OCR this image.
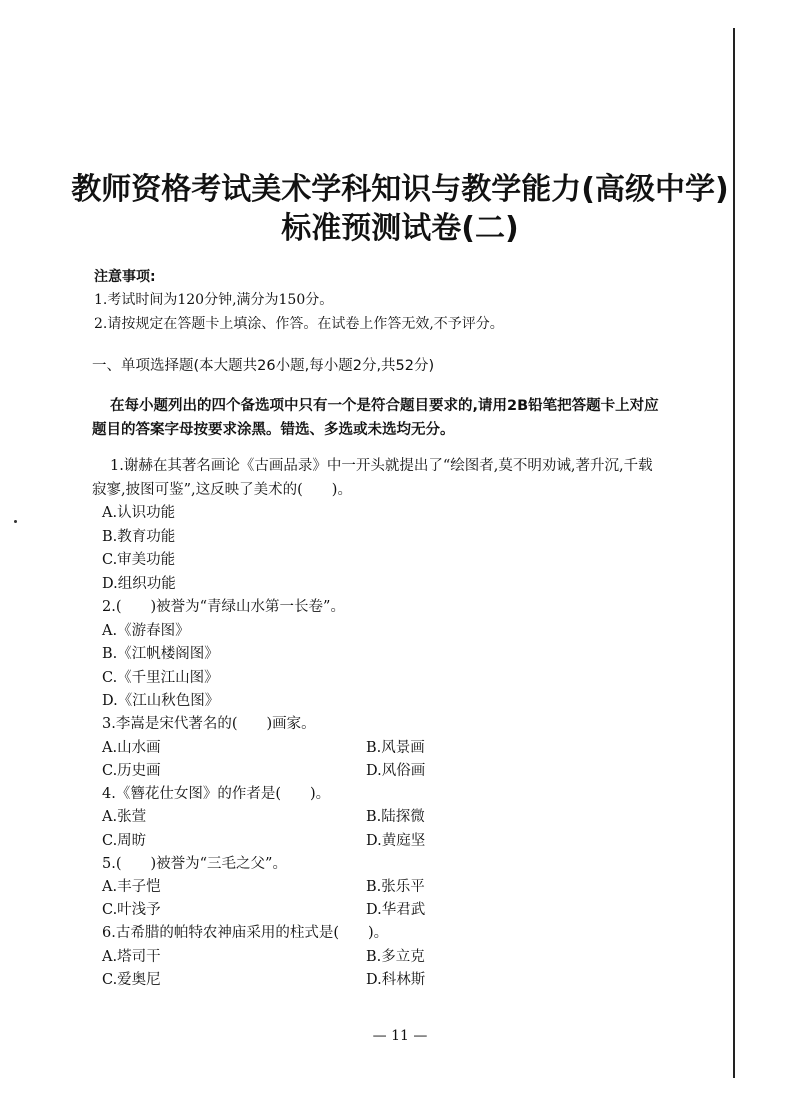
教师资格考试美术学科知识与教学能力(高级中学)
标准预测试卷(二)
注意事项:
1.考试时间为120分钟,满分为150分。
2.请按规定在答题卡上填涂、作答。在试卷上作答无效,不予评分。
一、单项选择题(本大题共26小题,每小题2分,共52分)
在每小题列出的四个备选项中只有一个是符合题目要求的,请用2B铅笔把答题卡上对应
题目的答案字母按要求涂黑。错选、多选或未选均无分。
1.谢赫在其著名画论《古画品录》中一开头就提出了“绘图者,莫不明劝诫,著升沉,千载
寂寥,披图可鉴”,这反映了美术的(　　)。
A.认识功能
B.教育功能
C.审美功能
D.组织功能
2.(　　)被誉为“青绿山水第一长卷”。
A.《游春图》
B.《江帆楼阁图》
C.《千里江山图》
D.《江山秋色图》
3.李嵩是宋代著名的(　　)画家。
A.山水画	B.风景画
C.历史画	D.风俗画
4.《簪花仕女图》的作者是(　　)。
A.张萱	B.陆探微
C.周昉	D.黄庭坚
5.(　　)被誉为“三毛之父”。
A.丰子恺	B.张乐平
C.叶浅予	D.华君武
6.古希腊的帕特农神庙采用的柱式是(　　)。
A.塔司干	B.多立克
C.爱奥尼	D.科林斯
— 11 —
